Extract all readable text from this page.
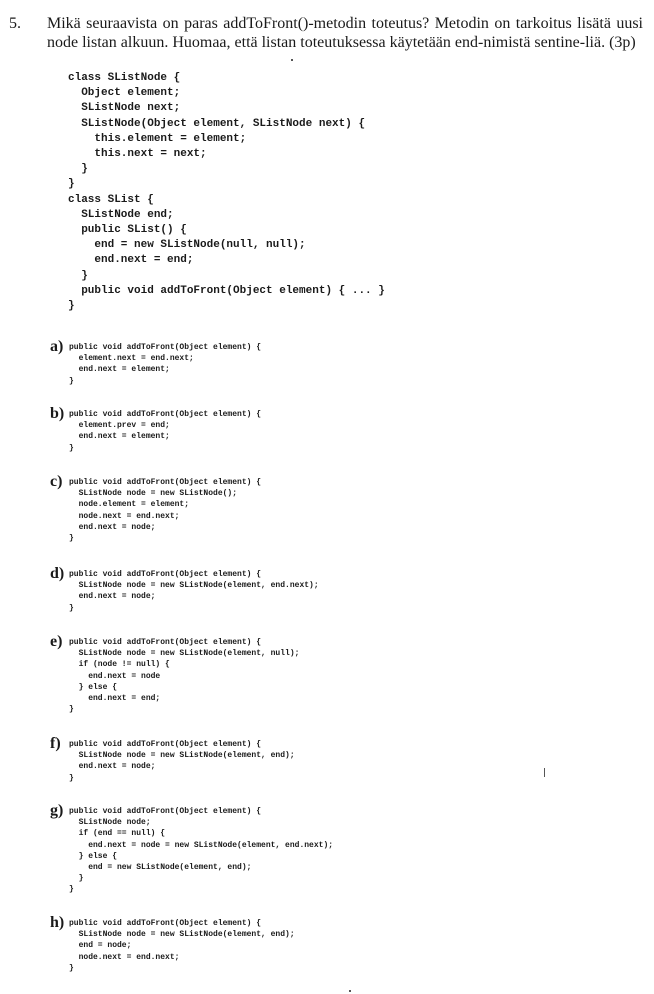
5. Mikä seuraavista on paras addToFront()-metodin toteutus? Metodin on tarkoitus lisätä uusi node listan alkuun. Huomaa, että listan toteutuksessa käytetään end-nimistä sentine-liä. (3p)
class SListNode {
Object element;
SListNode next;
SListNode(Object element, SListNode next) {
this.element = element;
this.next = next;
}
}
class SList {
SListNode end;
public SList() {
end = new SListNode(null, null);
end.next = end;
}
public void addToFront(Object element) { ... }
}
a) public void addToFront(Object element) {
element.next = end.next;
end.next = element;
}
b) public void addToFront(Object element) {
element.prev = end;
end.next = element;
}
c) public void addToFront(Object element) {
SListNode node = new SListNode();
node.element = element;
node.next = end.next;
end.next = node;
}
d) public void addToFront(Object element) {
SListNode node = new SListNode(element, end.next);
end.next = node;
}
e) public void addToFront(Object element) {
SListNode node = new SListNode(element, null);
if (node != null) {
end.next = node
} else {
end.next = end;
}
f) public void addToFront(Object element) {
SListNode node = new SListNode(element, end);
end.next = node;
}
g) public void addToFront(Object element) {
SListNode node;
if (end == null) {
end.next = node = new SListNode(element, end.next);
} else {
end = new SListNode(element, end);
}
}
h) public void addToFront(Object element) {
SListNode node = new SListNode(element, end);
end = node;
node.next = end.next;
}
